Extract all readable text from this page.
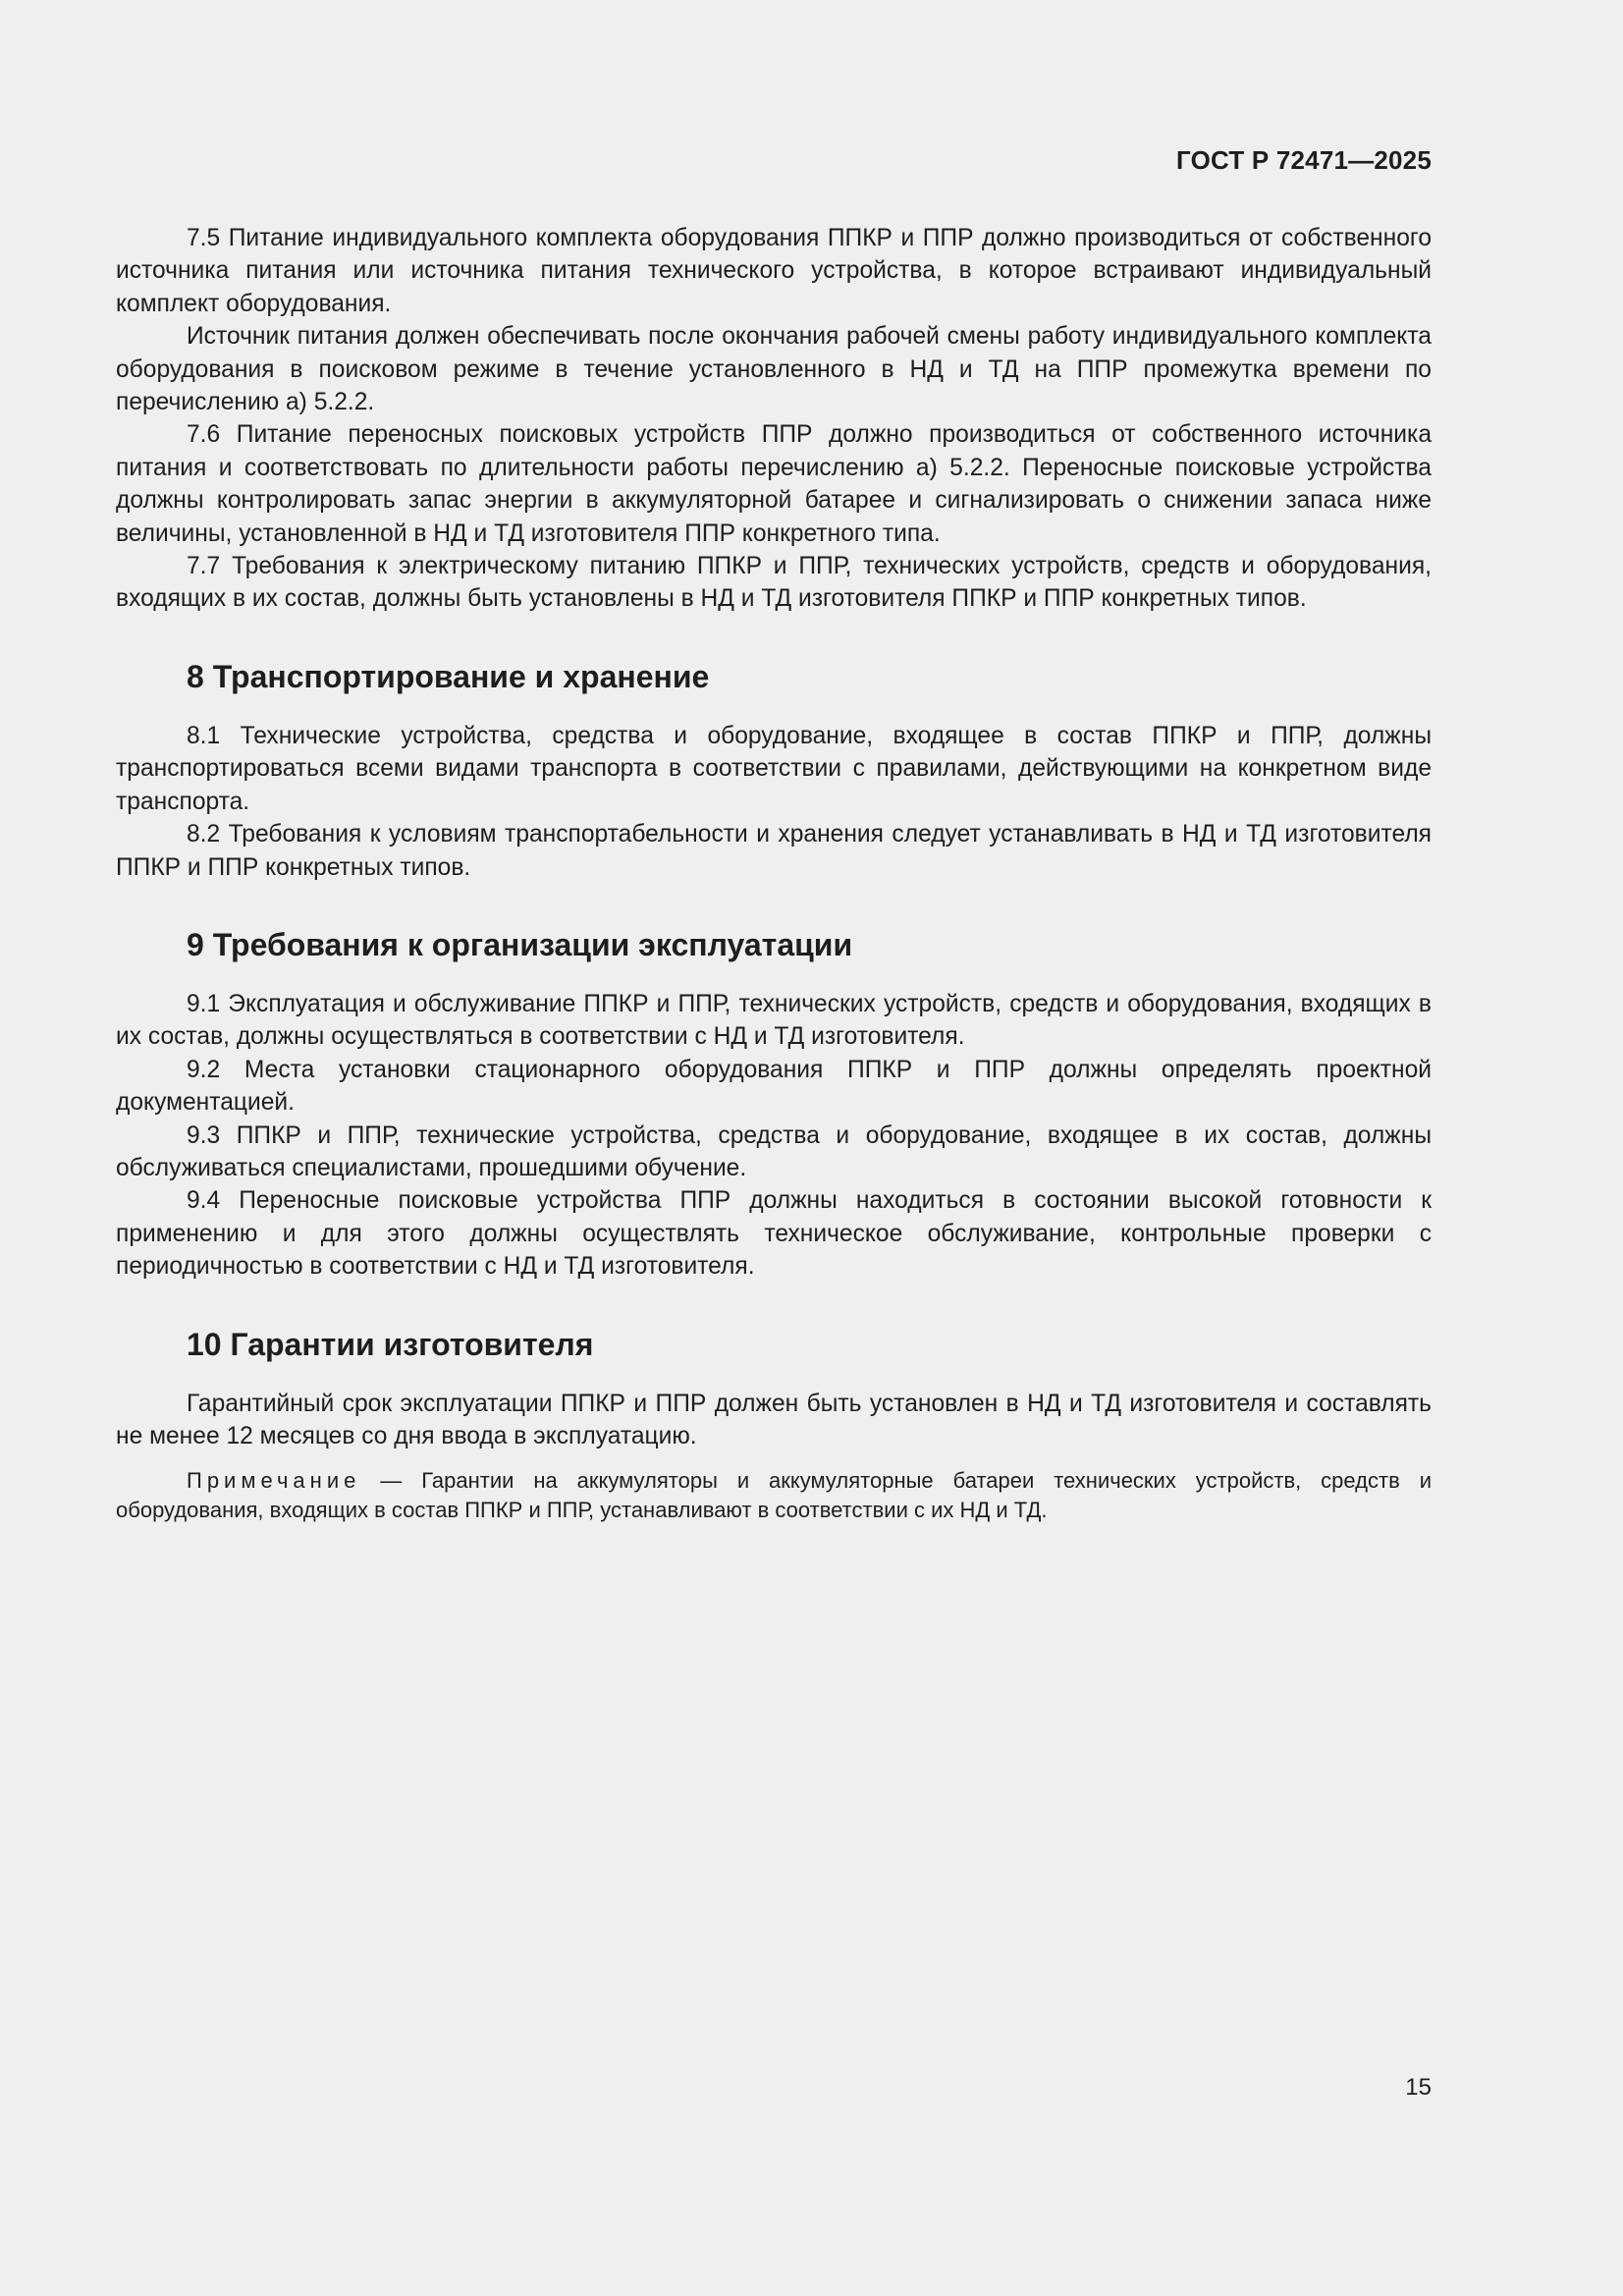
ГОСТ Р 72471—2025

7.5 Питание индивидуального комплекта оборудования ППКР и ППР должно производиться от собственного источника питания или источника питания технического устройства, в которое встраивают индивидуальный комплект оборудования.

Источник питания должен обеспечивать после окончания рабочей смены работу индивидуального комплекта оборудования в поисковом режиме в течение установленного в НД и ТД на ППР промежутка времени по перечислению а) 5.2.2.

7.6 Питание переносных поисковых устройств ППР должно производиться от собственного источника питания и соответствовать по длительности работы перечислению а) 5.2.2. Переносные поисковые устройства должны контролировать запас энергии в аккумуляторной батарее и сигнализировать о снижении запаса ниже величины, установленной в НД и ТД изготовителя ППР конкретного типа.

7.7 Требования к электрическому питанию ППКР и ППР, технических устройств, средств и оборудования, входящих в их состав, должны быть установлены в НД и ТД изготовителя ППКР и ППР конкретных типов.

8 Транспортирование и хранение

8.1 Технические устройства, средства и оборудование, входящее в состав ППКР и ППР, должны транспортироваться всеми видами транспорта в соответствии с правилами, действующими на конкретном виде транспорта.

8.2 Требования к условиям транспортабельности и хранения следует устанавливать в НД и ТД изготовителя ППКР и ППР конкретных типов.

9 Требования к организации эксплуатации

9.1 Эксплуатация и обслуживание ППКР и ППР, технических устройств, средств и оборудования, входящих в их состав, должны осуществляться в соответствии с НД и ТД изготовителя.

9.2 Места установки стационарного оборудования ППКР и ППР должны определять проектной документацией.

9.3 ППКР и ППР, технические устройства, средства и оборудование, входящее в их состав, должны обслуживаться специалистами, прошедшими обучение.

9.4 Переносные поисковые устройства ППР должны находиться в состоянии высокой готовности к применению и для этого должны осуществлять техническое обслуживание, контрольные проверки с периодичностью в соответствии с НД и ТД изготовителя.

10 Гарантии изготовителя

Гарантийный срок эксплуатации ППКР и ППР должен быть установлен в НД и ТД изготовителя и составлять не менее 12 месяцев со дня ввода в эксплуатацию.

Примечание — Гарантии на аккумуляторы и аккумуляторные батареи технических устройств, средств и оборудования, входящих в состав ППКР и ППР, устанавливают в соответствии с их НД и ТД.

15
